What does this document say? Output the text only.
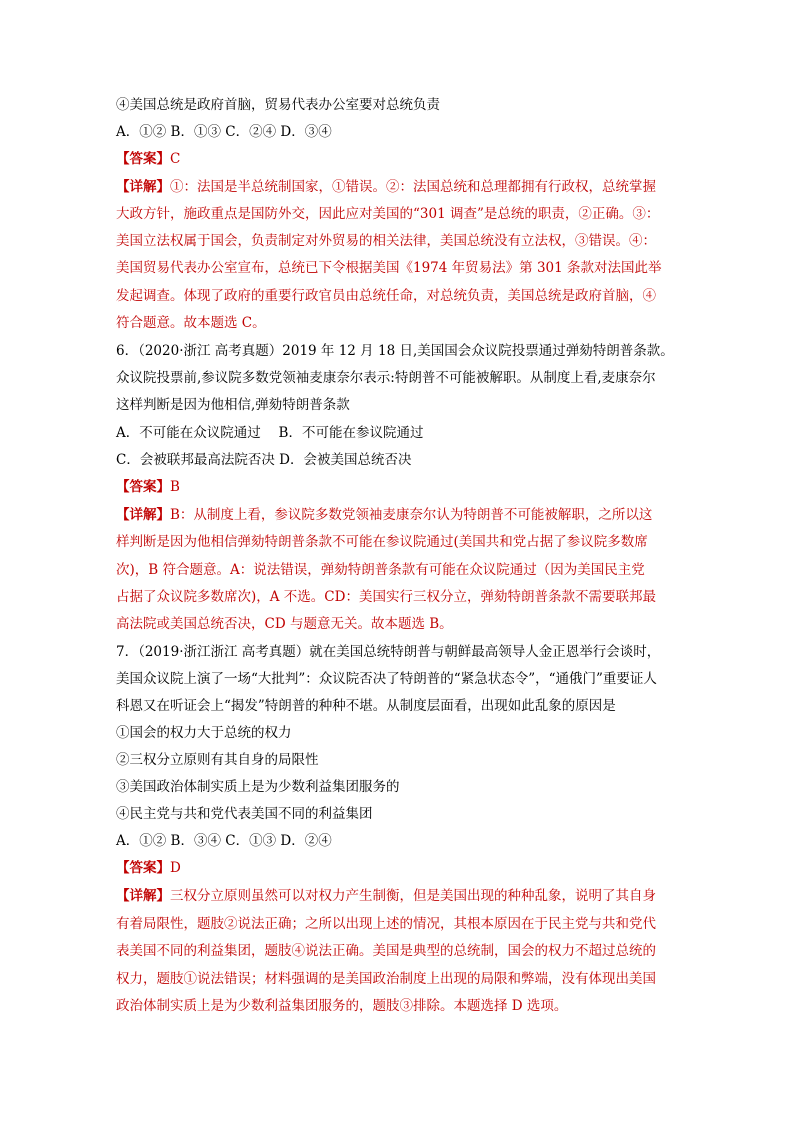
④美国总统是政府首脑，贸易代表办公室要对总统负责
A．①② B．①③ C．②④ D．③④
【答案】C
【详解】①：法国是半总统制国家，①错误。②：法国总统和总理都拥有行政权，总统掌握
大政方针，施政重点是国防外交，因此应对美国的“301 调查”是总统的职责，②正确。③：
美国立法权属于国会，负责制定对外贸易的相关法律，美国总统没有立法权，③错误。④：
美国贸易代表办公室宣布，总统已下令根据美国《1974 年贸易法》第 301 条款对法国此举
发起调查。体现了政府的重要行政官员由总统任命，对总统负责，美国总统是政府首脑，④
符合题意。故本题选 C。
6．（2020·浙江 高考真题）2019 年 12 月 18 日,美国国会众议院投票通过弹劾特朗普条款。
众议院投票前,参议院多数党领袖麦康奈尔表示:特朗普不可能被解职。从制度上看,麦康奈尔
这样判断是因为他相信,弹劾特朗普条款
A．不可能在众议院通过　 B．不可能在参议院通过
C．会被联邦最高法院否决 D．会被美国总统否决
【答案】B
【详解】B：从制度上看，参议院多数党领袖麦康奈尔认为特朗普不可能被解职，之所以这
样判断是因为他相信弹劾特朗普条款不可能在参议院通过(美国共和党占据了参议院多数席
次)，B 符合题意。A：说法错误，弹劾特朗普条款有可能在众议院通过（因为美国民主党
占据了众议院多数席次)，A 不选。CD：美国实行三权分立，弹劾特朗普条款不需要联邦最
高法院或美国总统否决，CD 与题意无关。故本题选 B。
7．（2019·浙江浙江 高考真题）就在美国总统特朗普与朝鲜最高领导人金正恩举行会谈时，
美国众议院上演了一场“大批判”：众议院否决了特朗普的“紧急状态令”，“通俄门”重要证人
科恩又在听证会上“揭发”特朗普的种种不堪。从制度层面看，出现如此乱象的原因是
①国会的权力大于总统的权力
②三权分立原则有其自身的局限性
③美国政治体制实质上是为少数利益集团服务的
④民主党与共和党代表美国不同的利益集团
A．①② B．③④ C．①③ D．②④
【答案】D
【详解】三权分立原则虽然可以对权力产生制衡，但是美国出现的种种乱象，说明了其自身
有着局限性，题肢②说法正确；之所以出现上述的情况，其根本原因在于民主党与共和党代
表美国不同的利益集团，题肢④说法正确。美国是典型的总统制，国会的权力不超过总统的
权力，题肢①说法错误；材料强调的是美国政治制度上出现的局限和弊端，没有体现出美国
政治体制实质上是为少数利益集团服务的，题肢③排除。本题选择 D 选项。
